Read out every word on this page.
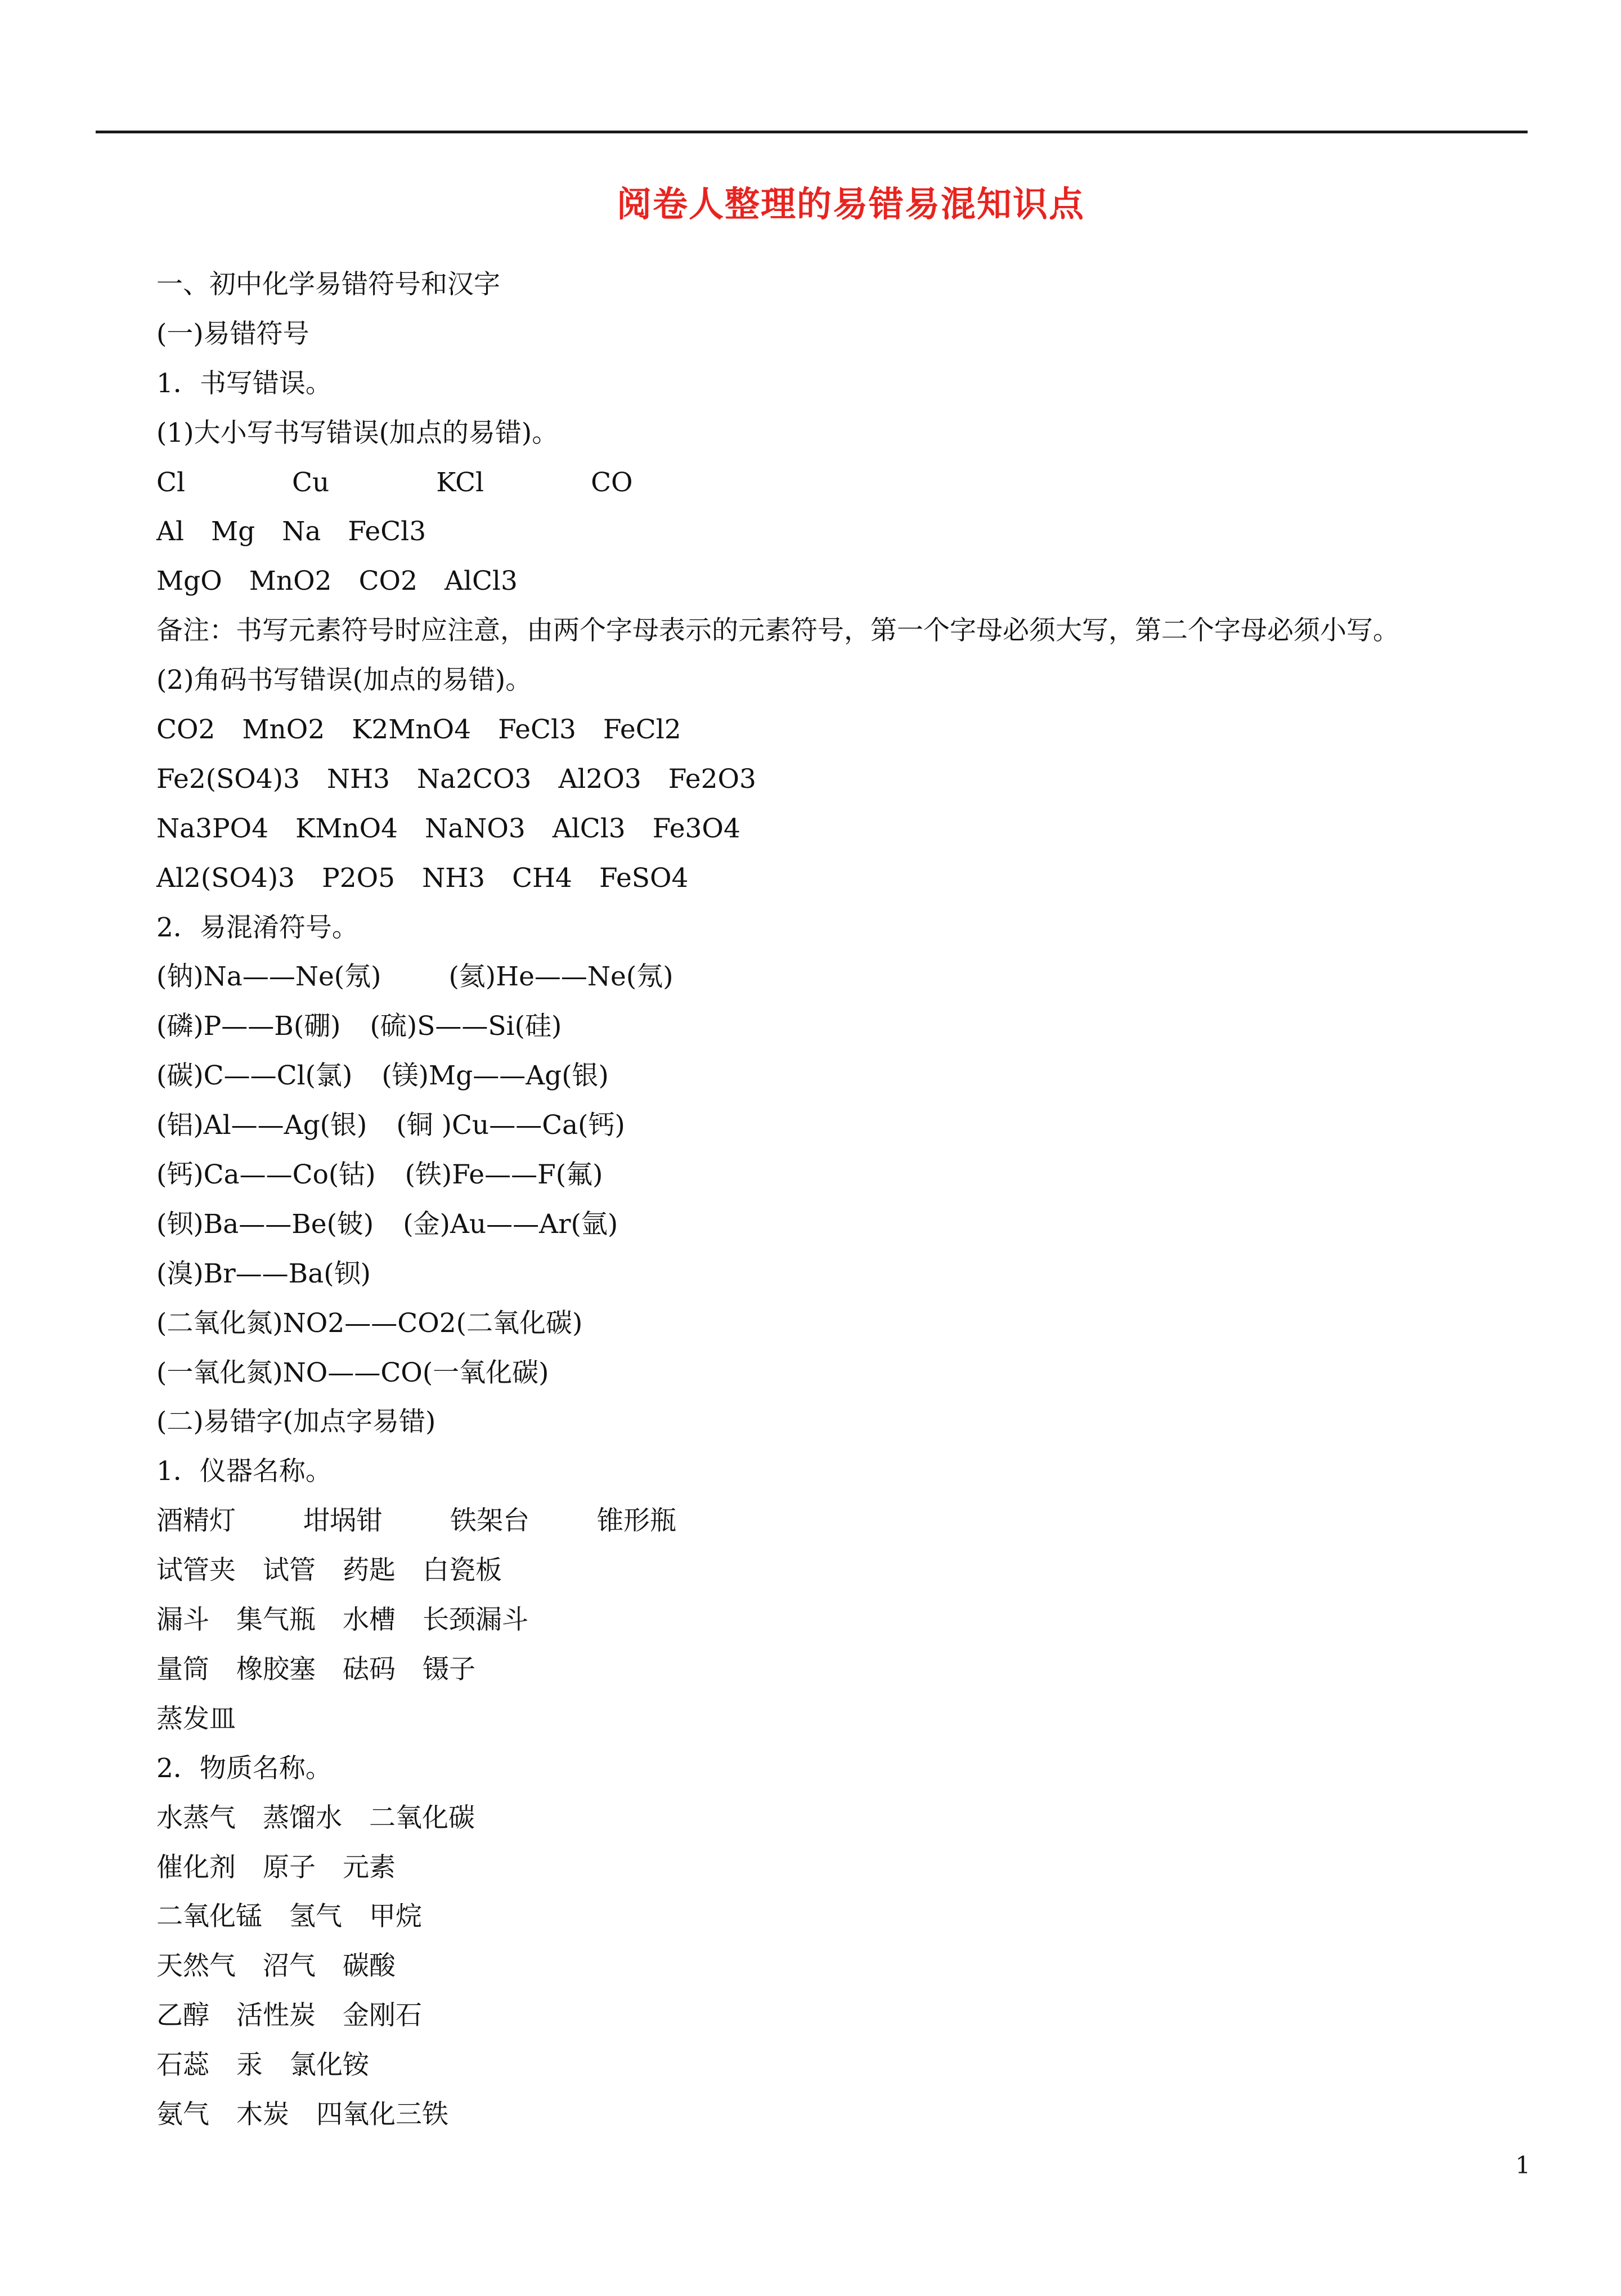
阅卷人整理的易错易混知识点
一、初中化学易错符号和汉字
(一)易错符号
1．书写错误。
(1)大小写书写错误(加点的易错)。
Cl	Cu	KCl	CO
Al Mg Na FeCl3
MgO MnO2 CO2 AlCl3
备注：书写元素符号时应注意，由两个字母表示的元素符号，第一个字母必须大写，第二个字母必须小写。
(2)角码书写错误(加点的易错)。
CO2 MnO2 K2MnO4 FeCl3 FeCl2
Fe2(SO4)3 NH3 Na2CO3 Al2O3 Fe2O3
Na3PO4 KMnO4 NaNO3 AlCl3 Fe3O4
Al2(SO4)3 P2O5 NH3 CH4 FeSO4
2．易混淆符号。
(钠)Na——Ne(氖)	(氦)He——Ne(氖)
(磷)P——B(硼) (硫)S——Si(硅)
(碳)C——Cl(氯) (镁)Mg——Ag(银)
(铝)Al——Ag(银) (铜 )Cu——Ca(钙)
(钙)Ca——Co(钴) (铁)Fe——F(氟)
(钡)Ba——Be(铍) (金)Au——Ar(氩)
(溴)Br——Ba(钡)
(二氧化氮)NO2——CO2(二氧化碳)
(一氧化氮)NO——CO(一氧化碳)
(二)易错字(加点字易错)
1．仪器名称。
酒精灯	坩埚钳	铁架台	锥形瓶
试管夹 试管 药匙 白瓷板
漏斗 集气瓶 水槽 长颈漏斗
量筒 橡胶塞 砝码 镊子
蒸发皿
2．物质名称。
水蒸气 蒸馏水 二氧化碳
催化剂 原子 元素
二氧化锰 氢气 甲烷
天然气 沼气 碳酸
乙醇 活性炭 金刚石
石蕊 汞 氯化铵
氨气 木炭 四氧化三铁
1
